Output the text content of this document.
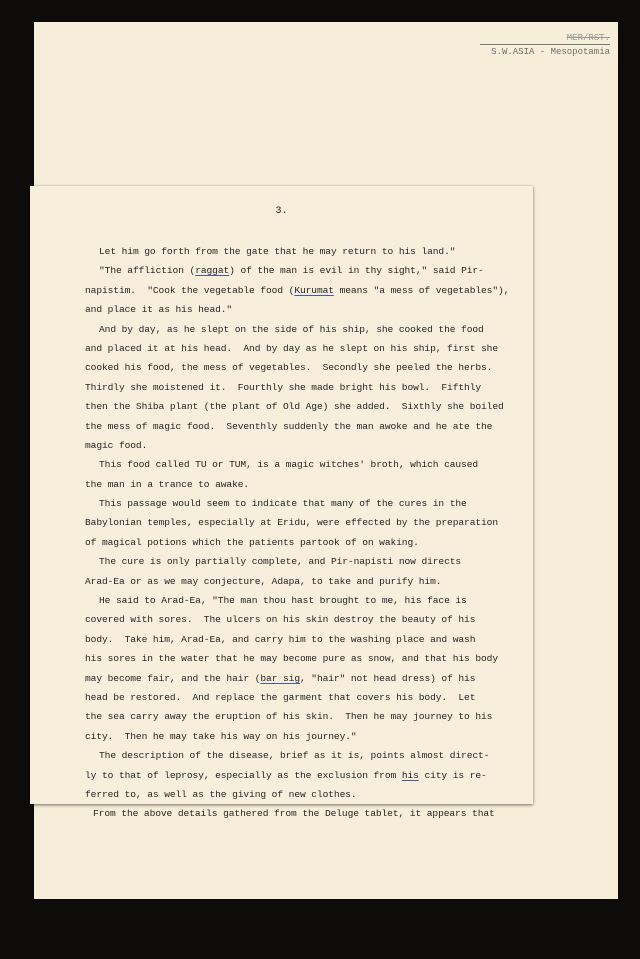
MER/RST.
S.W.ASIA - Mesopotamia
3.
Let him go forth from the gate that he may return to his land."
"The affliction (raggat) of the man is evil in thy sight," said Pir-
napistim.  "Cook the vegetable food (Kurumat means "a mess of vegetables"),
and place it as his head."
And by day, as he slept on the side of his ship, she cooked the food
and placed it at his head.  And by day as he slept on his ship, first she
cooked his food, the mess of vegetables.  Secondly she peeled the herbs.
Thirdly she moistened it.  Fourthly she made bright his bowl.  Fifthly
then the Shiba plant (the plant of Old Age) she added.  Sixthly she boiled
the mess of magic food.  Seventhly suddenly the man awoke and he ate the
magic food.
This food called TU or TUM, is a magic witches' broth, which caused
the man in a trance to awake.
This passage would seem to indicate that many of the cures in the
Babylonian temples, especially at Eridu, were effected by the preparation
of magical potions which the patients partook of on waking.
The cure is only partially complete, and Pir-napisti now directs
Arad-Ea or as we may conjecture, Adapa, to take and purify him.
He said to Arad-Ea, "The man thou hast brought to me, his face is
covered with sores.  The ulcers on his skin destroy the beauty of his
body.  Take him, Arad-Ea, and carry him to the washing place and wash
his sores in the water that he may become pure as snow, and that his body
may become fair, and the hair (bar sig, "hair" not head dress) of his
head be restored.  And replace the garment that covers his body.  Let
the sea carry away the eruption of his skin.  Then he may journey to his
city.  Then he may take his way on his journey."
The description of the disease, brief as it is, points almost direct-
ly to that of leprosy, especially as the exclusion from his city is re-
ferred to, as well as the giving of new clothes.
From the above details gathered from the Deluge tablet, it appears that
